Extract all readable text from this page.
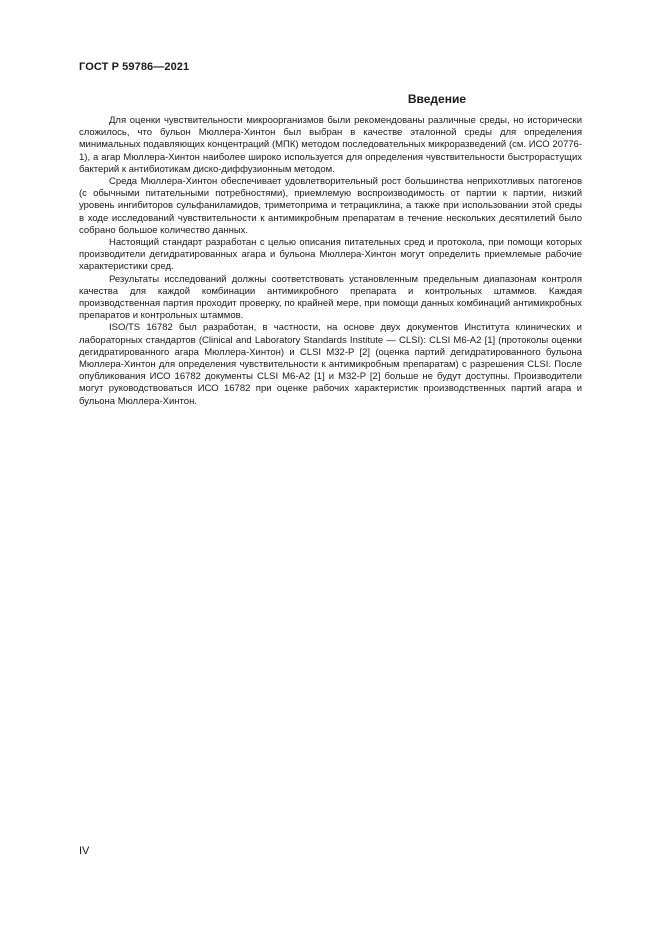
ГОСТ Р 59786—2021
Введение

Для оценки чувствительности микроорганизмов были рекомендованы различные среды, но исторически сложилось, что бульон Мюллера-Хинтон был выбран в качестве эталонной среды для определения минимальных подавляющих концентраций (МПК) методом последовательных микроразведений (см. ИСО 20776-1), а агар Мюллера-Хинтон наиболее широко используется для определения чувствительности быстрорастущих бактерий к антибиотикам диско-диффузионным методом.

Среда Мюллера-Хинтон обеспечивает удовлетворительный рост большинства неприхотливых патогенов (с обычными питательными потребностями), приемлемую воспроизводимость от партии к партии, низкий уровень ингибиторов сульфаниламидов, триметоприма и тетрациклина, а также при использовании этой среды в ходе исследований чувствительности к антимикробным препаратам в течение нескольких десятилетий было собрано большое количество данных.

Настоящий стандарт разработан с целью описания питательных сред и протокола, при помощи которых производители дегидратированных агара и бульона Мюллера-Хинтон могут определить приемлемые рабочие характеристики сред.

Результаты исследований должны соответствовать установленным предельным диапазонам контроля качества для каждой комбинации антимикробного препарата и контрольных штаммов. Каждая производственная партия проходит проверку, по крайней мере, при помощи данных комбинаций антимикробных препаратов и контрольных штаммов.

ISO/TS 16782 был разработан, в частности, на основе двух документов Института клинических и лабораторных стандартов (Clinical and Laboratory Standards Institute — CLSI): CLSI M6-A2 [1] (протоколы оценки дегидратированного агара Мюллера-Хинтон) и CLSI M32-P [2] (оценка партий дегидратированного бульона Мюллера-Хинтон для определения чувствительности к антимикробным препаратам) с разрешения CLSI. После опубликования ИСО 16782 документы CLSI M6-A2 [1] и M32-P [2] больше не будут доступны. Производители могут руководствоваться ИСО 16782 при оценке рабочих характеристик производственных партий агара и бульона Мюллера-Хинтон.

IV
